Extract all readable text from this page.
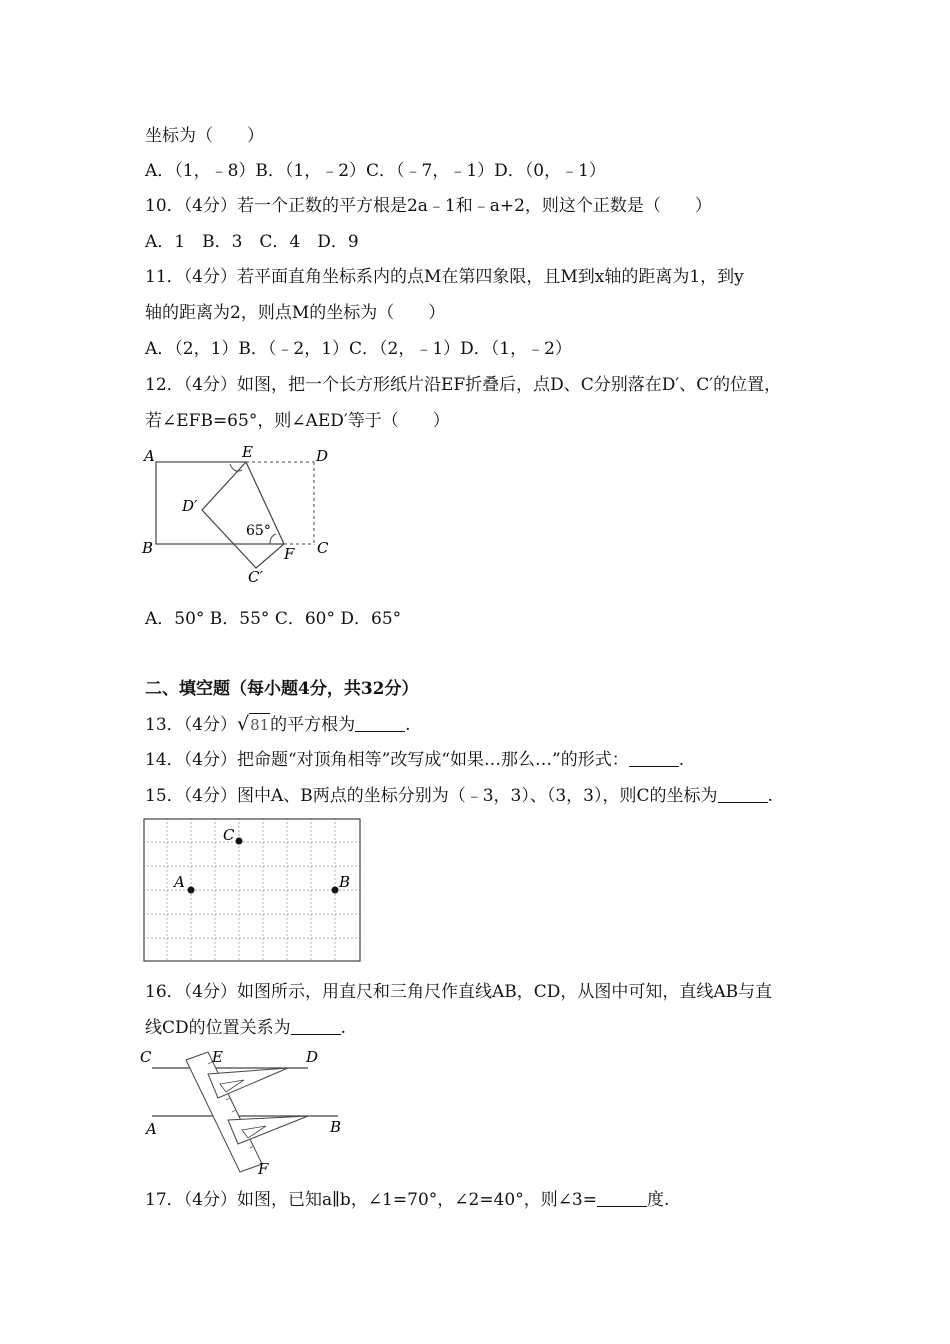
坐标为（　　）
A．（1，﹣8）B．（1，﹣2）C．（﹣7，﹣1）D．（0，﹣1）
10．（4分）若一个正数的平方根是2a﹣1和﹣a+2，则这个正数是（　　）
A．1　B．3　C．4　D．9
11．（4分）若平面直角坐标系内的点M在第四象限，且M到x轴的距离为1，到y
轴的距离为2，则点M的坐标为（　　）
A．（2，1）B．（﹣2，1）C．（2，﹣1）D．（1，﹣2）
12．（4分）如图，把一个长方形纸片沿EF折叠后，点D、C分别落在D′、C′的位置，
若∠EFB=65°，则∠AED′等于（　　）
A	E	D
D′
65°
B	F C
C′
A．50° B．55° C．60° D．65°
二、填空题（每小题4分，共32分）
13．（4分）√81的平方根为	.
14．（4分）把命题“对顶角相等”改写成“如果…那么…”的形式：	.
15．（4分）图中A、B两点的坐标分别为（﹣3，3）、（3，3），则C的坐标为	.
C
A	B
16．（4分）如图所示，用直尺和三角尺作直线AB，CD，从图中可知，直线AB与直
线CD的位置关系为	.
C	E	D
A	B
F
17．（4分）如图，已知a∥b，∠1=70°，∠2=40°，则∠3=	度.
